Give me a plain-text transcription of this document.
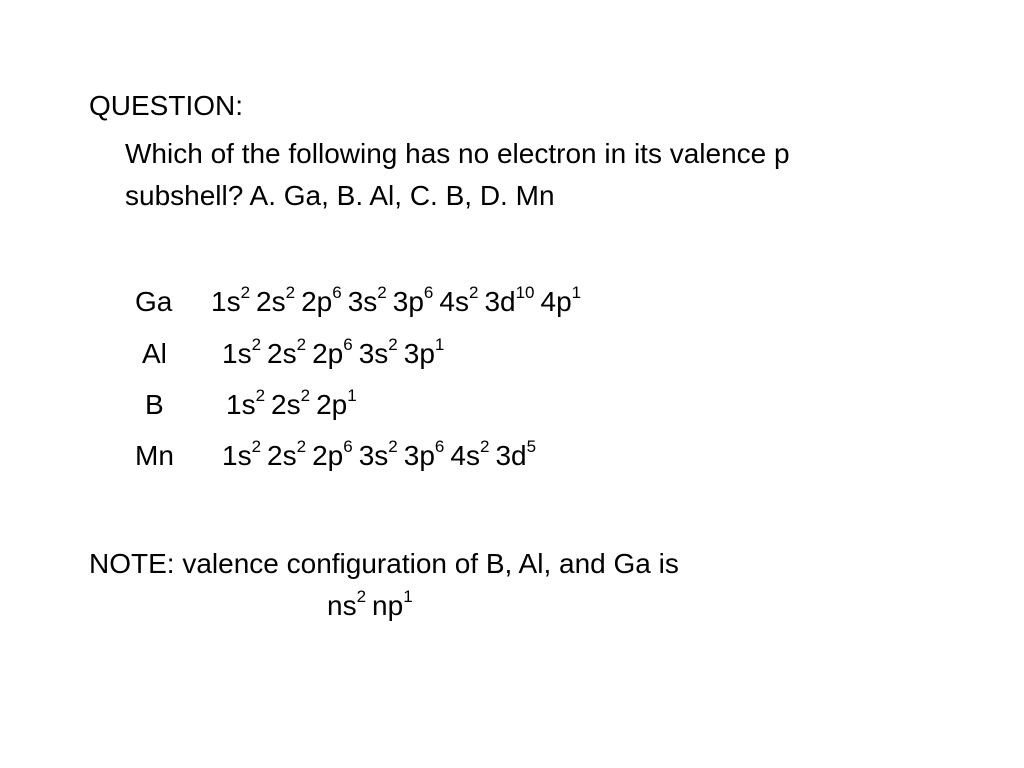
QUESTION:
Which of the following has no electron in its valence p
subshell? A. Ga, B. Al, C. B, D. Mn
Ga $1s^2$ $2s^2$ $2p^6$ $3s^2$ $3p^6$ $4s^2$ $3d^{10}$ $4p^1$
Al $1s^2$ $2s^2$ $2p^6$ $3s^2$ $3p^1$
B $1s^2$ $2s^2$ $2p^1$
Mn $1s^2$ $2s^2$ $2p^6$ $3s^2$ $3p^6$ $4s^2$ $3d^5$
NOTE: valence configuration of B, Al, and Ga is
$ns^2$ $np^1$
